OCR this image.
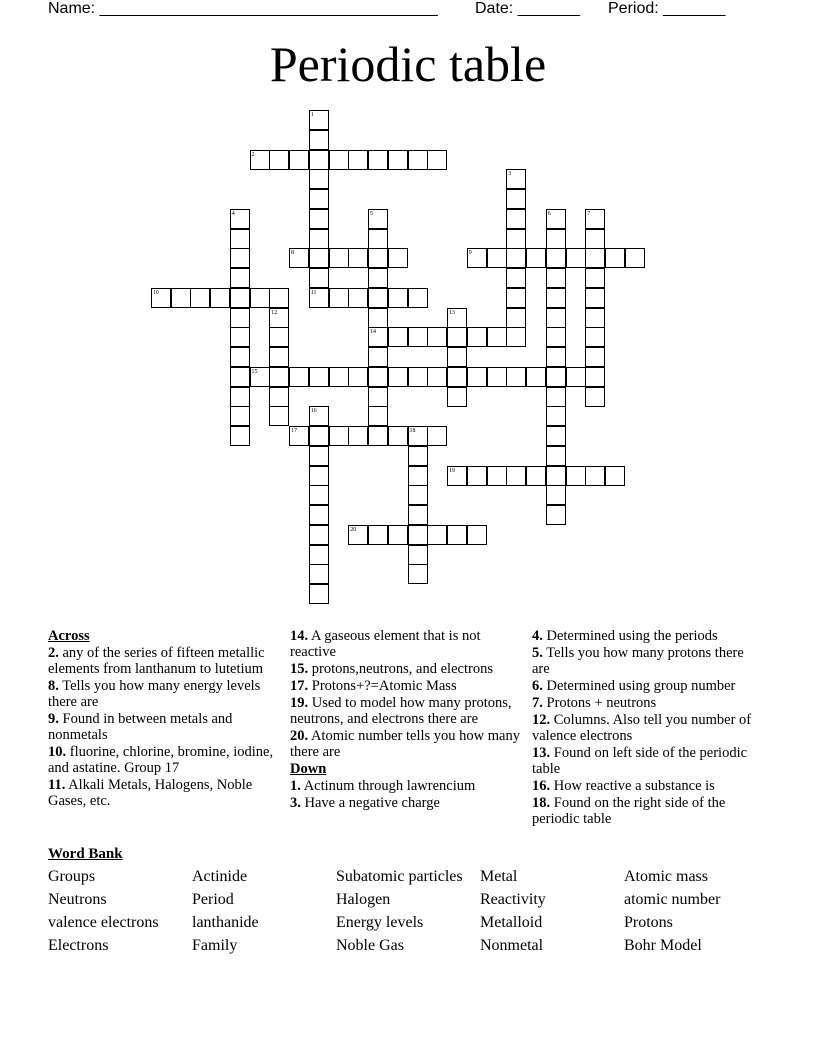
Name: ______________________________________ Date: _______ Period: _______
Periodic table
1
2
3
4	5	6	7
8	9
10	11
12	13
14
15
16
17	18
19
20

Across

2. any of the series of fifteen metallic elements from lanthanum to lutetium

8. Tells you how many energy levels there are

9. Found in between metals and nonmetals

10. fluorine, chlorine, bromine, iodine, and astatine. Group 17

11. Alkali Metals, Halogens, Noble Gases, etc.

14. A gaseous element that is not reactive

15. protons,neutrons, and electrons

17. Protons+?=Atomic Mass

19. Used to model how many protons, neutrons, and electrons there are

20. Atomic number tells you how many there are

Down

1. Actinum through lawrencium

3. Have a negative charge

4. Determined using the periods

5. Tells you how many protons there are

6. Determined using group number

7. Protons + neutrons

12. Columns. Also tell you number of valence electrons

13. Found on left side of the periodic table

16. How reactive a substance is

18. Found on the right side of the periodic table

Word Bank
Groups	Actinide	Subatomic particles	Metal	Atomic mass
Neutrons	Period	Halogen	Reactivity	atomic number
valence electrons	lanthanide	Energy levels	Metalloid	Protons
Electrons	Family	Noble Gas	Nonmetal	Bohr Model
